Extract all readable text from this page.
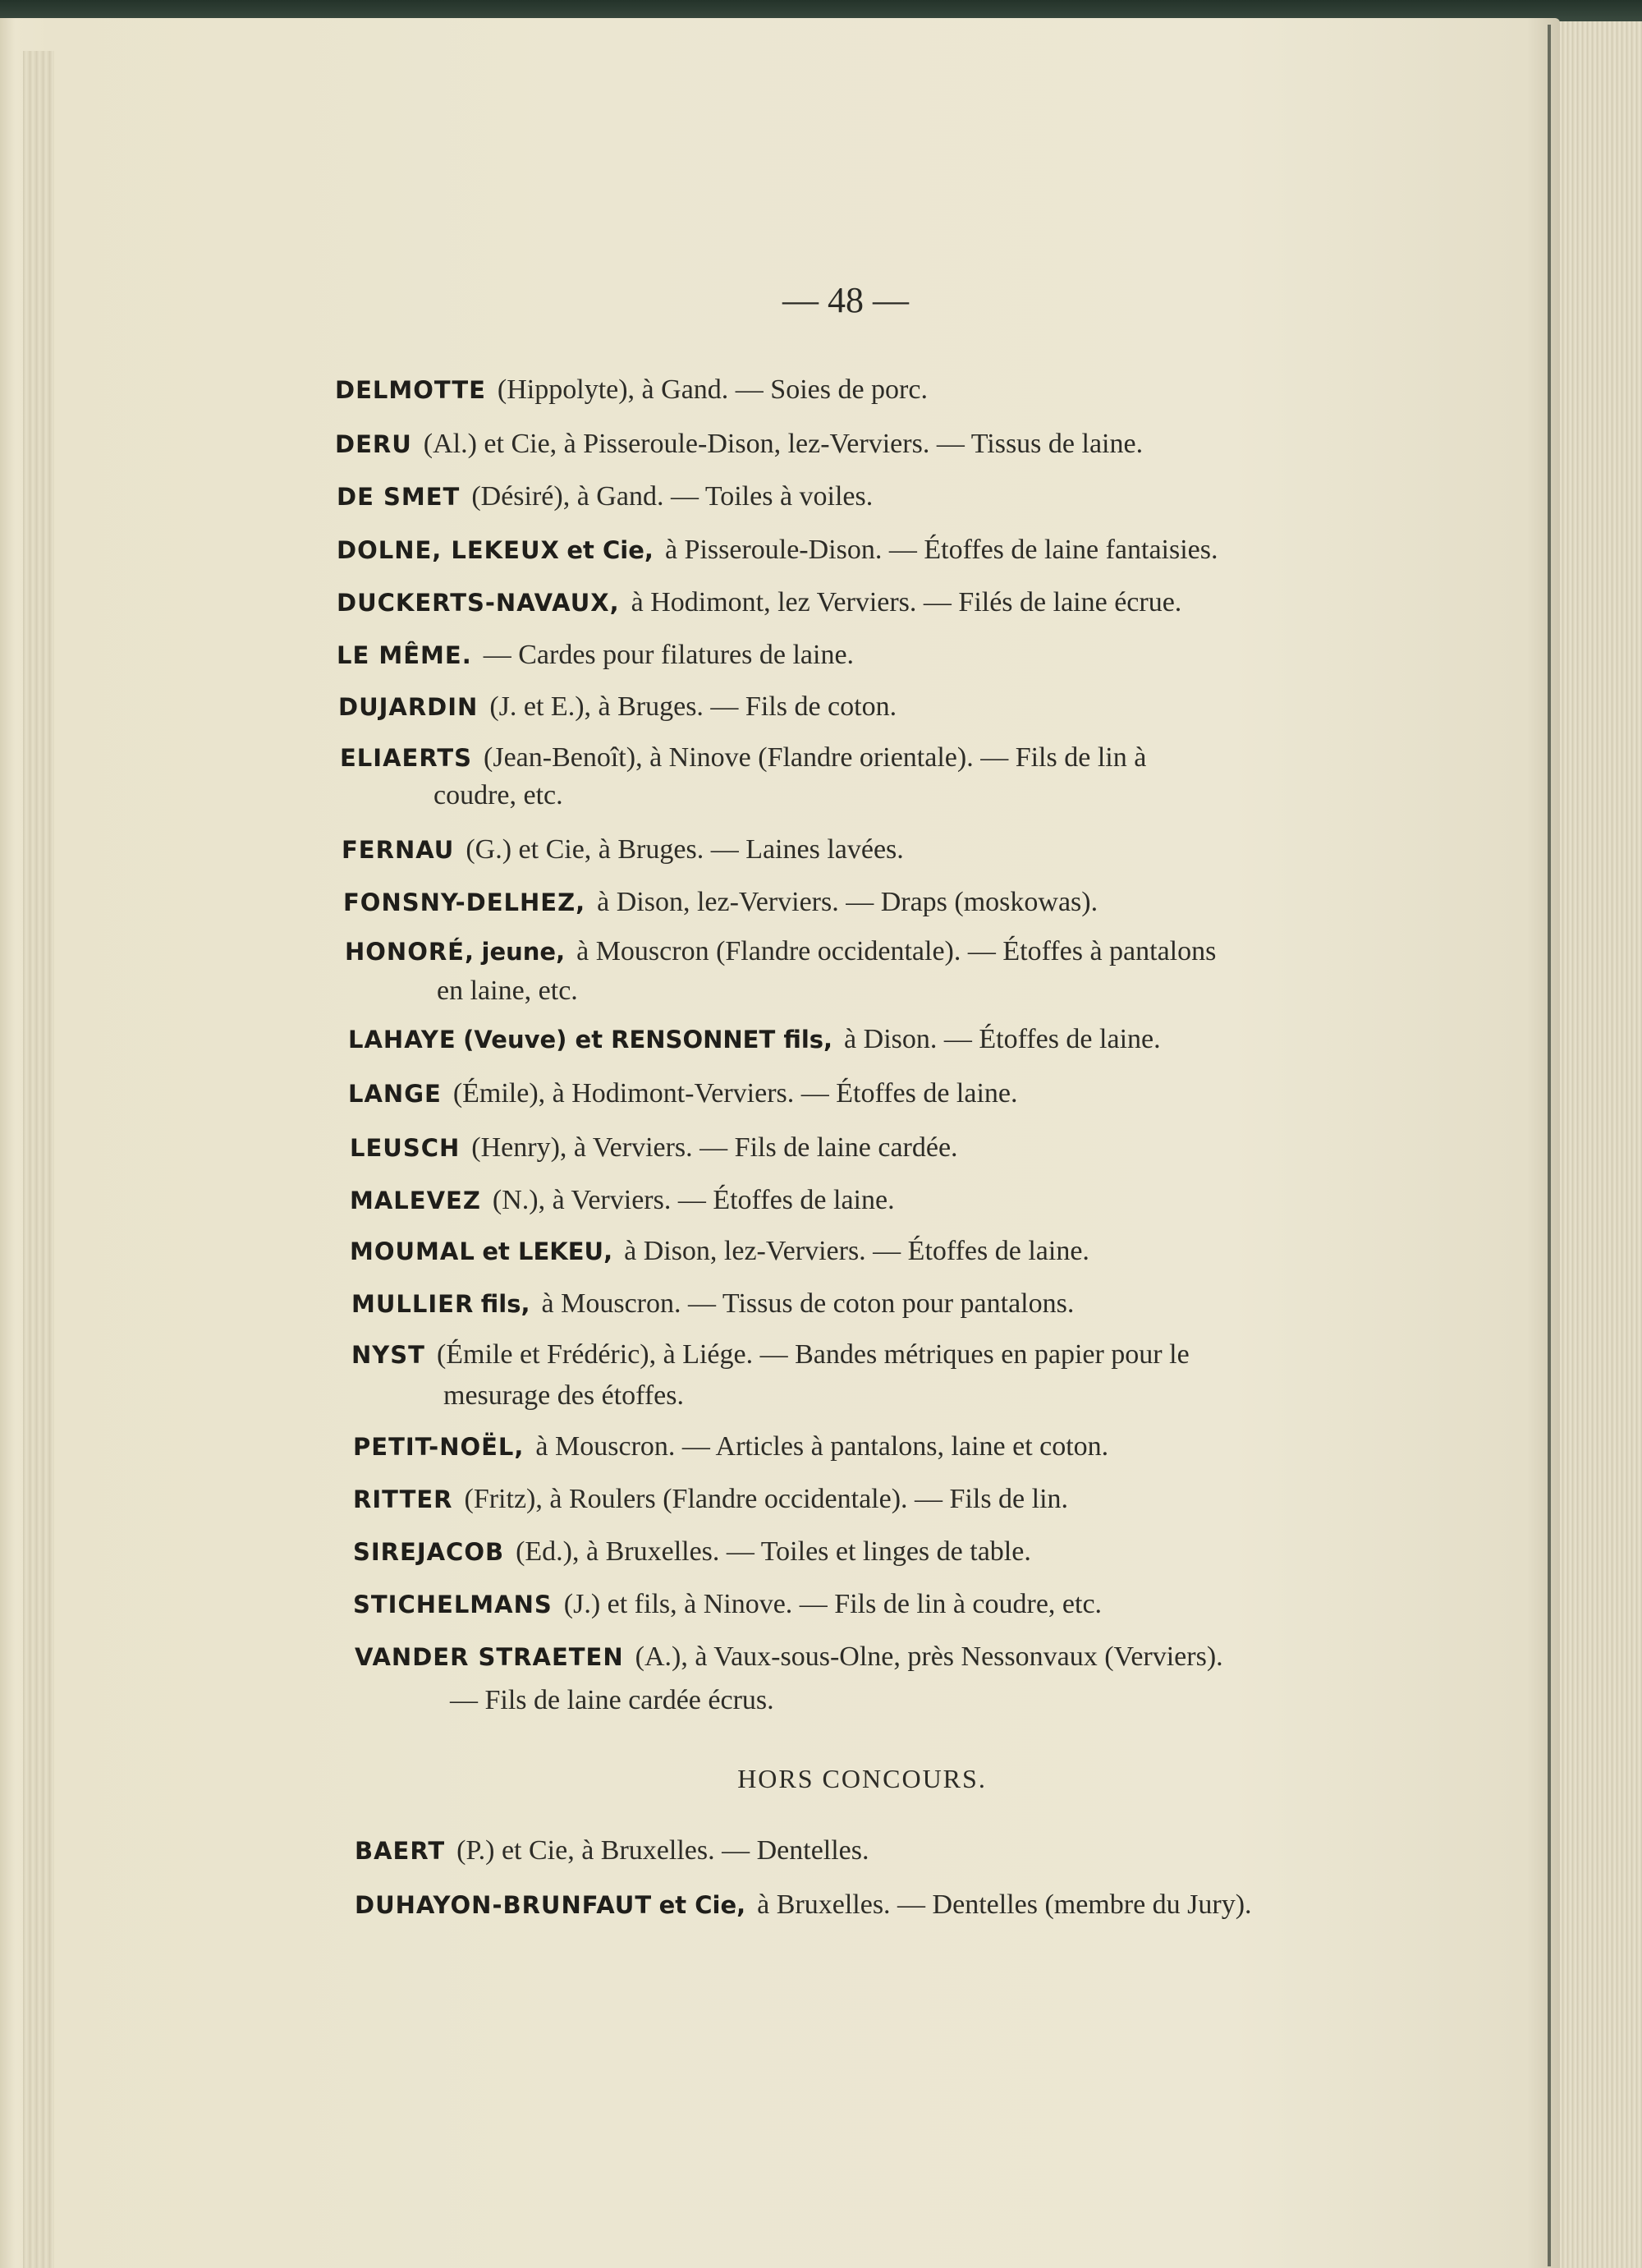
— 48 —
DELMOTTE (Hippolyte), à Gand. — Soies de porc.
DERU (Al.) et Cie, à Pisseroule-Dison, lez-Verviers. — Tissus de laine.
DE SMET (Désiré), à Gand. — Toiles à voiles.
DOLNE, LEKEUX et Cie, à Pisseroule-Dison. — Étoffes de laine fantaisies.
DUCKERTS-NAVAUX, à Hodimont, lez Verviers. — Filés de laine écrue.
LE MÊME. — Cardes pour filatures de laine.
DUJARDIN (J. et E.), à Bruges. — Fils de coton.
ELIAERTS (Jean-Benoît), à Ninove (Flandre orientale). — Fils de lin à
coudre, etc.
FERNAU (G.) et Cie, à Bruges. — Laines lavées.
FONSNY-DELHEZ, à Dison, lez-Verviers. — Draps (moskowas).
HONORÉ, jeune, à Mouscron (Flandre occidentale). — Étoffes à pantalons
en laine, etc.
LAHAYE (Veuve) et RENSONNET fils, à Dison. — Étoffes de laine.
LANGE (Émile), à Hodimont-Verviers. — Étoffes de laine.
LEUSCH (Henry), à Verviers. — Fils de laine cardée.
MALEVEZ (N.), à Verviers. — Étoffes de laine.
MOUMAL et LEKEU, à Dison, lez-Verviers. — Étoffes de laine.
MULLIER fils, à Mouscron. — Tissus de coton pour pantalons.
NYST (Émile et Frédéric), à Liége. — Bandes métriques en papier pour le
mesurage des étoffes.
PETIT-NOËL, à Mouscron. — Articles à pantalons, laine et coton.
RITTER (Fritz), à Roulers (Flandre occidentale). — Fils de lin.
SIREJACOB (Ed.), à Bruxelles. — Toiles et linges de table.
STICHELMANS (J.) et fils, à Ninove. — Fils de lin à coudre, etc.
VANDER STRAETEN (A.), à Vaux-sous-Olne, près Nessonvaux (Verviers).
— Fils de laine cardée écrus.
HORS CONCOURS.
BAERT (P.) et Cie, à Bruxelles. — Dentelles.
DUHAYON-BRUNFAUT et Cie, à Bruxelles. — Dentelles (membre du Jury).
